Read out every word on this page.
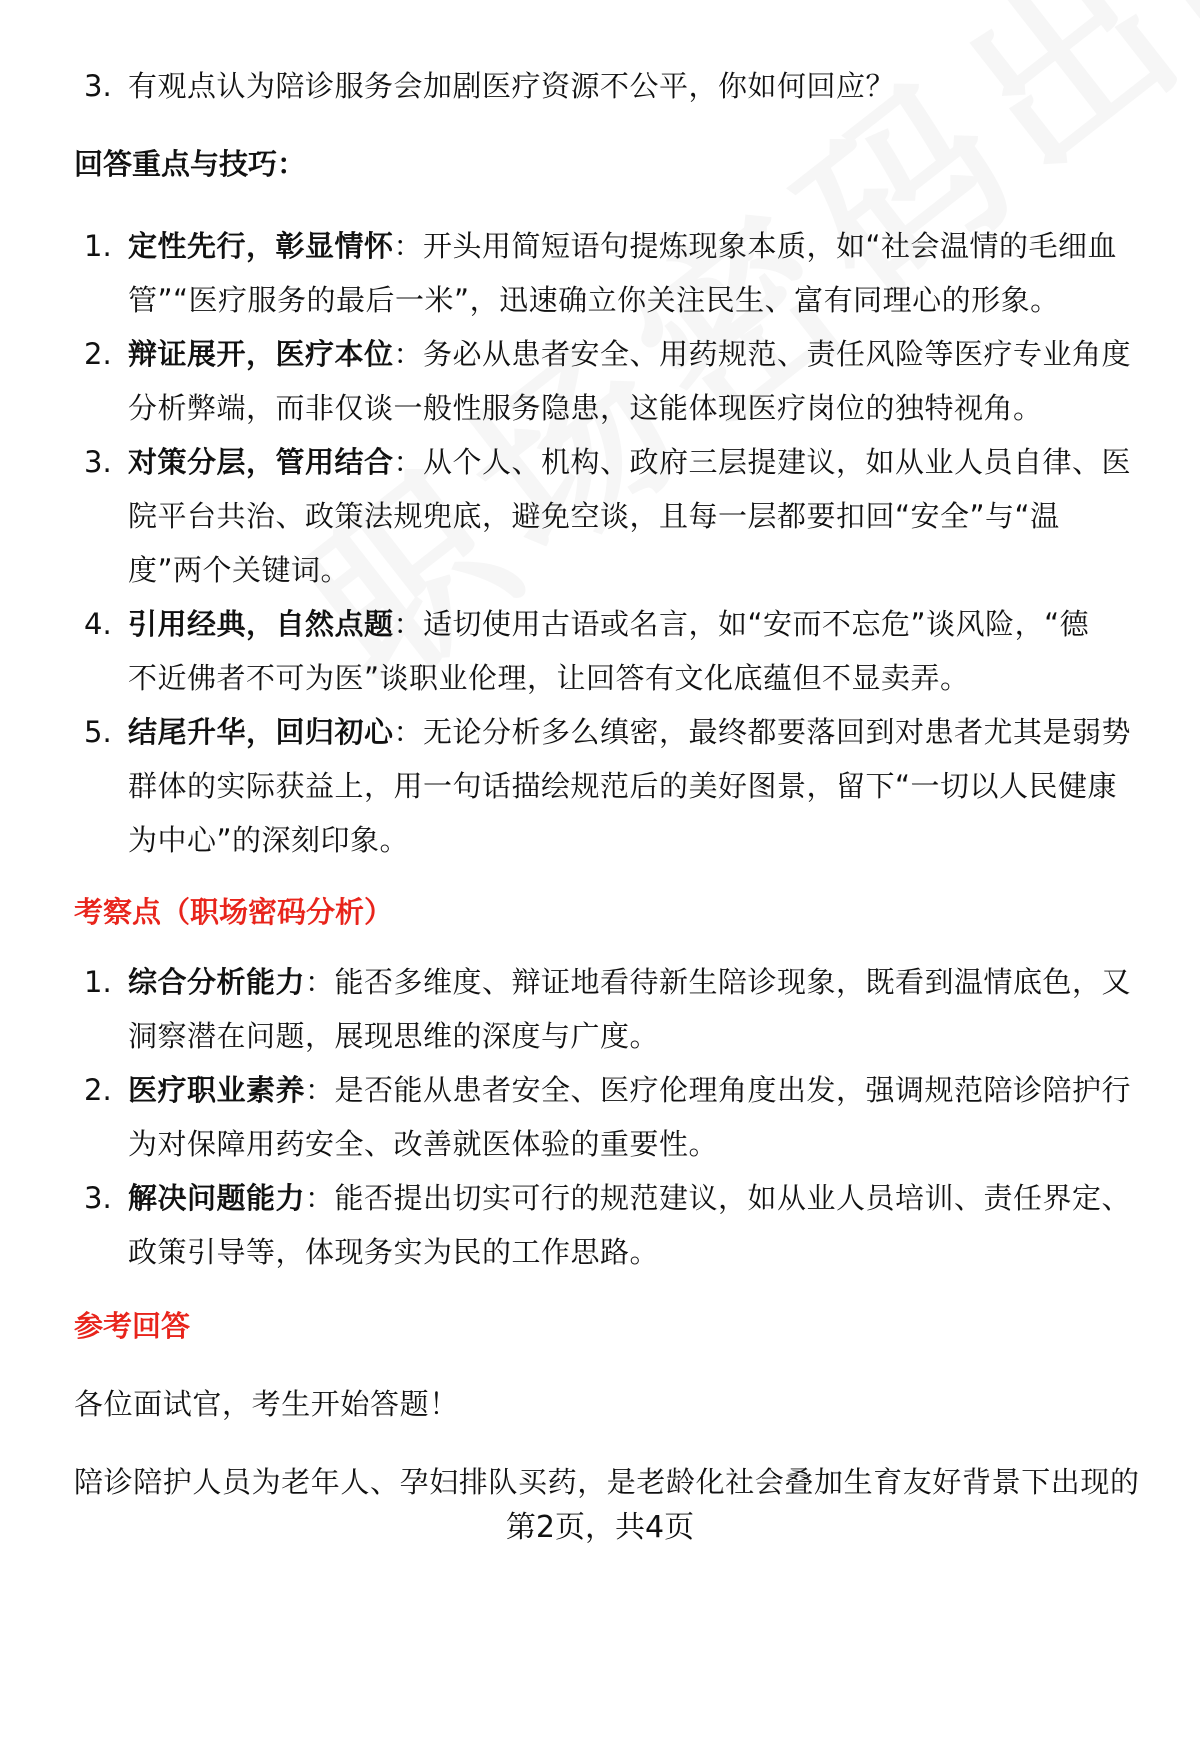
3. 有观点认为陪诊服务会加剧医疗资源不公平，你如何回应？
回答重点与技巧：
1. 定性先行，彰显情怀：开头用简短语句提炼现象本质，如“社会温情的毛细血
管”“医疗服务的最后一米”，迅速确立你关注民生、富有同理心的形象。
2. 辩证展开，医疗本位：务必从患者安全、用药规范、责任风险等医疗专业角度
分析弊端，而非仅谈一般性服务隐患，这能体现医疗岗位的独特视角。
3. 对策分层，管用结合：从个人、机构、政府三层提建议，如从业人员自律、医
院平台共治、政策法规兜底，避免空谈，且每一层都要扣回“安全”与“温
度”两个关键词。
4. 引用经典，自然点题：适切使用古语或名言，如“安而不忘危”谈风险，“德
不近佛者不可为医”谈职业伦理，让回答有文化底蕴但不显卖弄。
5. 结尾升华，回归初心：无论分析多么缜密，最终都要落回到对患者尤其是弱势
群体的实际获益上，用一句话描绘规范后的美好图景，留下“一切以人民健康
为中心”的深刻印象。
考察点（职场密码分析）
1. 综合分析能力：能否多维度、辩证地看待新生陪诊现象，既看到温情底色，又
洞察潜在问题，展现思维的深度与广度。
2. 医疗职业素养：是否能从患者安全、医疗伦理角度出发，强调规范陪诊陪护行
为对保障用药安全、改善就医体验的重要性。
3. 解决问题能力：能否提出切实可行的规范建议，如从业人员培训、责任界定、
政策引导等，体现务实为民的工作思路。
参考回答
各位面试官，考生开始答题！
陪诊陪护人员为老年人、孕妇排队买药，是老龄化社会叠加生育友好背景下出现的
第2页，共4页
